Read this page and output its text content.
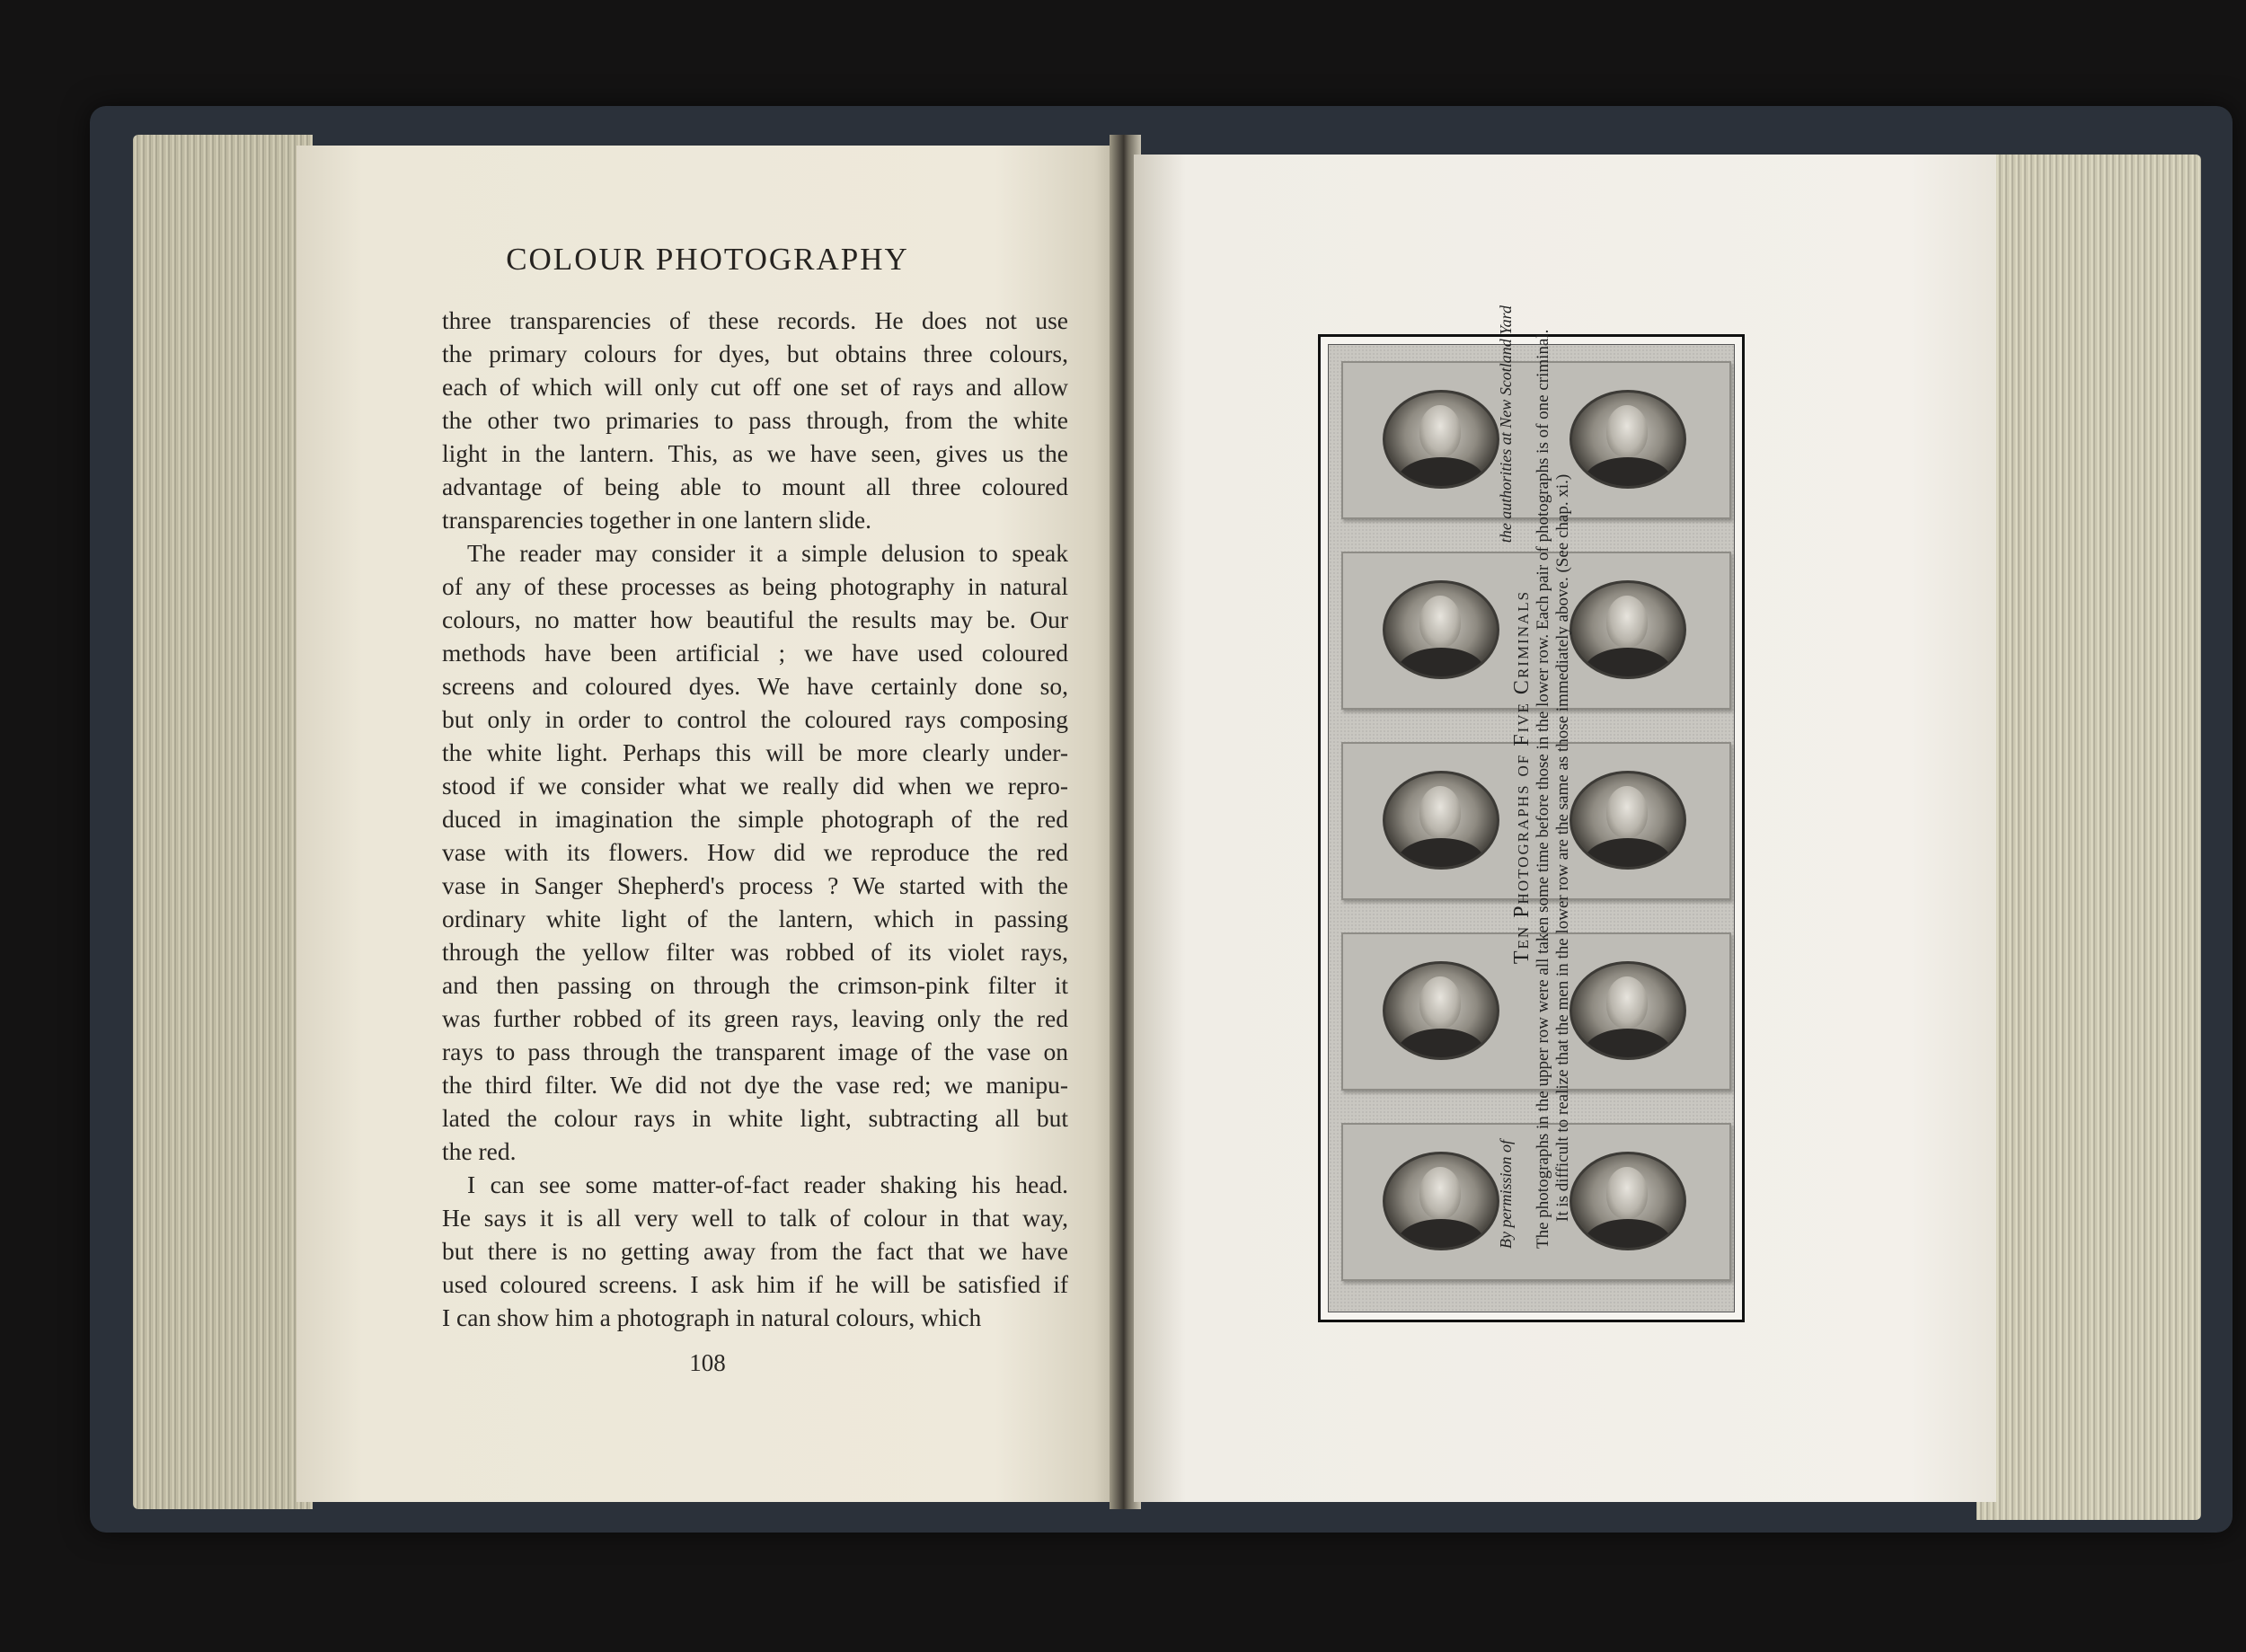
COLOUR PHOTOGRAPHY

three transparencies of these records. He does not use
the primary colours for dyes, but obtains three colours,
each of which will only cut off one set of rays and allow
the other two primaries to pass through, from the white
light in the lantern. This, as we have seen, gives us the
advantage of being able to mount all three coloured
transparencies together in one lantern slide.

The reader may consider it a simple delusion to speak
of any of these processes as being photography in natural
colours, no matter how beautiful the results may be. Our
methods have been artificial ; we have used coloured
screens and coloured dyes. We have certainly done so,
but only in order to control the coloured rays composing
the white light. Perhaps this will be more clearly under-
stood if we consider what we really did when we repro-
duced in imagination the simple photograph of the red
vase with its flowers. How did we reproduce the red
vase in Sanger Shepherd's process ? We started with the
ordinary white light of the lantern, which in passing
through the yellow filter was robbed of its violet rays,
and then passing on through the crimson-pink filter it
was further robbed of its green rays, leaving only the red
rays to pass through the transparent image of the vase on
the third filter. We did not dye the vase red; we manipu-
lated the colour rays in white light, subtracting all but
the red.

I can see some matter-of-fact reader shaking his head.
He says it is all very well to talk of colour in that way,
but there is no getting away from the fact that we have
used coloured screens. I ask him if he will be satisfied if
I can show him a photograph in natural colours, which

108

By permission of

the authorities at New Scotland Yard

Ten Photographs of Five Criminals The photographs in the upper row were all taken some time before those in the lower row. Each pair of photographs is of one criminal. It is difficult to realize that the men in the lower row are the same as those immediately above. (See chap. xi.)
